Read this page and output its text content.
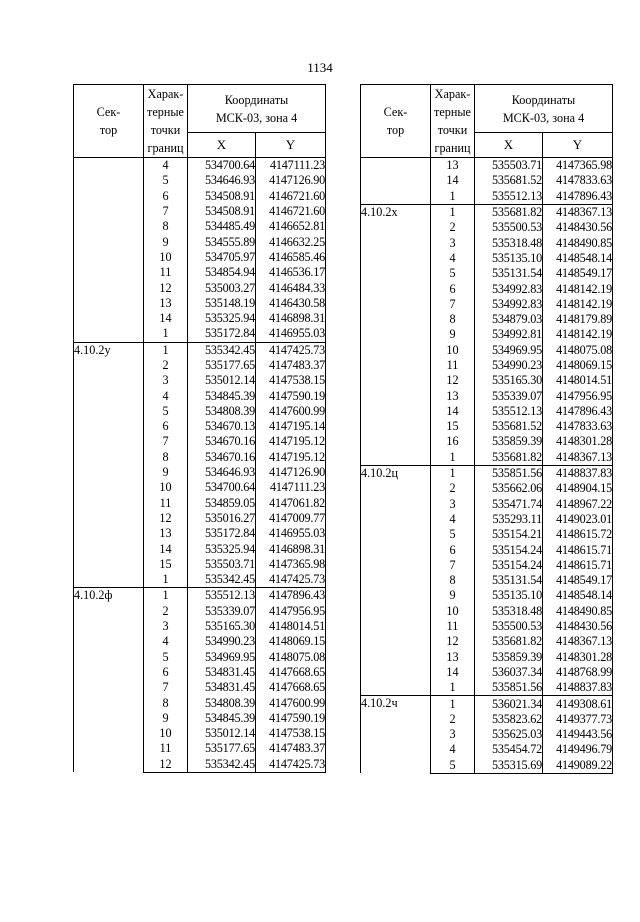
1134
Сек-
тор	Харак-
терные
точки
границ	Координаты
МСК-03, зона 4	
		X	Y
	4	534700.64	4147111.23
	5	534646.93	4147126.90
	6	534508.91	4146721.60
	7	534508.91	4146721.60
	8	534485.49	4146652.81
	9	534555.89	4146632.25
	10	534705.97	4146585.46
	11	534854.94	4146536.17
	12	535003.27	4146484.33
	13	535148.19	4146430.58
	14	535325.94	4146898.31
	1	535172.84	4146955.03
4.10.2у	1	535342.45	4147425.73
	2	535177.65	4147483.37
	3	535012.14	4147538.15
	4	534845.39	4147590.19
	5	534808.39	4147600.99
	6	534670.13	4147195.14
	7	534670.16	4147195.12
	8	534670.16	4147195.12
	9	534646.93	4147126.90
	10	534700.64	4147111.23
	11	534859.05	4147061.82
	12	535016.27	4147009.77
	13	535172.84	4146955.03
	14	535325.94	4146898.31
	15	535503.71	4147365.98
	1	535342.45	4147425.73
4.10.2ф	1	535512.13	4147896.43
	2	535339.07	4147956.95
	3	535165.30	4148014.51
	4	534990.23	4148069.15
	5	534969.95	4148075.08
	6	534831.45	4147668.65
	7	534831.45	4147668.65
	8	534808.39	4147600.99
	9	534845.39	4147590.19
	10	535012.14	4147538.15
	11	535177.65	4147483.37
	12	535342.45	4147425.73
Сек-
тор	Харак-
терные
точки
границ	Координаты
МСК-03, зона 4	
		X	Y
	13	535503.71	4147365.98
	14	535681.52	4147833.63
	1	535512.13	4147896.43
4.10.2х	1	535681.82	4148367.13
	2	535500.53	4148430.56
	3	535318.48	4148490.85
	4	535135.10	4148548.14
	5	535131.54	4148549.17
	6	534992.83	4148142.19
	7	534992.83	4148142.19
	8	534879.03	4148179.89
	9	534992.81	4148142.19
	10	534969.95	4148075.08
	11	534990.23	4148069.15
	12	535165.30	4148014.51
	13	535339.07	4147956.95
	14	535512.13	4147896.43
	15	535681.52	4147833.63
	16	535859.39	4148301.28
	1	535681.82	4148367.13
4.10.2ц	1	535851.56	4148837.83
	2	535662.06	4148904.15
	3	535471.74	4148967.22
	4	535293.11	4149023.01
	5	535154.21	4148615.72
	6	535154.24	4148615.71
	7	535154.24	4148615.71
	8	535131.54	4148549.17
	9	535135.10	4148548.14
	10	535318.48	4148490.85
	11	535500.53	4148430.56
	12	535681.82	4148367.13
	13	535859.39	4148301.28
	14	536037.34	4148768.99
	1	535851.56	4148837.83
4.10.2ч	1	536021.34	4149308.61
	2	535823.62	4149377.73
	3	535625.03	4149443.56
	4	535454.72	4149496.79
	5	535315.69	4149089.22
